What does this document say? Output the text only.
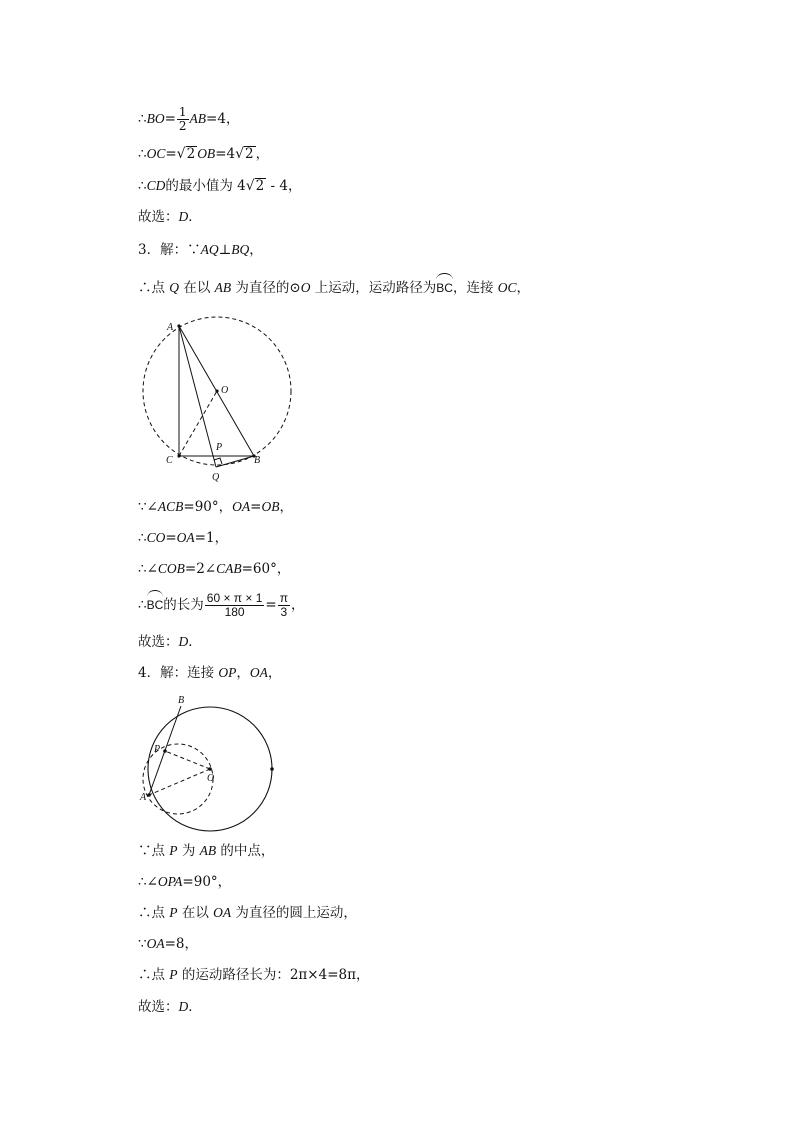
∴BO= $\frac{1}{2} AB=4$，
∴OC=√2 OB=4√2 ，
∴CD的最小值为 4√2 - 4，
故选：D．
3．解：∵AQ⊥BQ，
∴点 Q 在以 AB 为直径的⊙O 上运动，运动路径为BC，连接 OC，
A
O
P
C
Q
B
∵∠ACB=90°，OA=OB，
∴CO=OA=1，
∴∠COB=2∠CAB=60°，
∴BC的长为 $\frac{60 \times \pi \times 1}{180} = \frac{\pi}{3}$ ，
故选：D．
4．解：连接 OP，OA，
B
P
O
A
∵点 P 为 AB 的中点，
∴∠OPA=90°，
∴点 P 在以 OA 为直径的圆上运动，
∵OA=8，
∴点 P 的运动路径长为：2π×4=8π，
故选：D．
